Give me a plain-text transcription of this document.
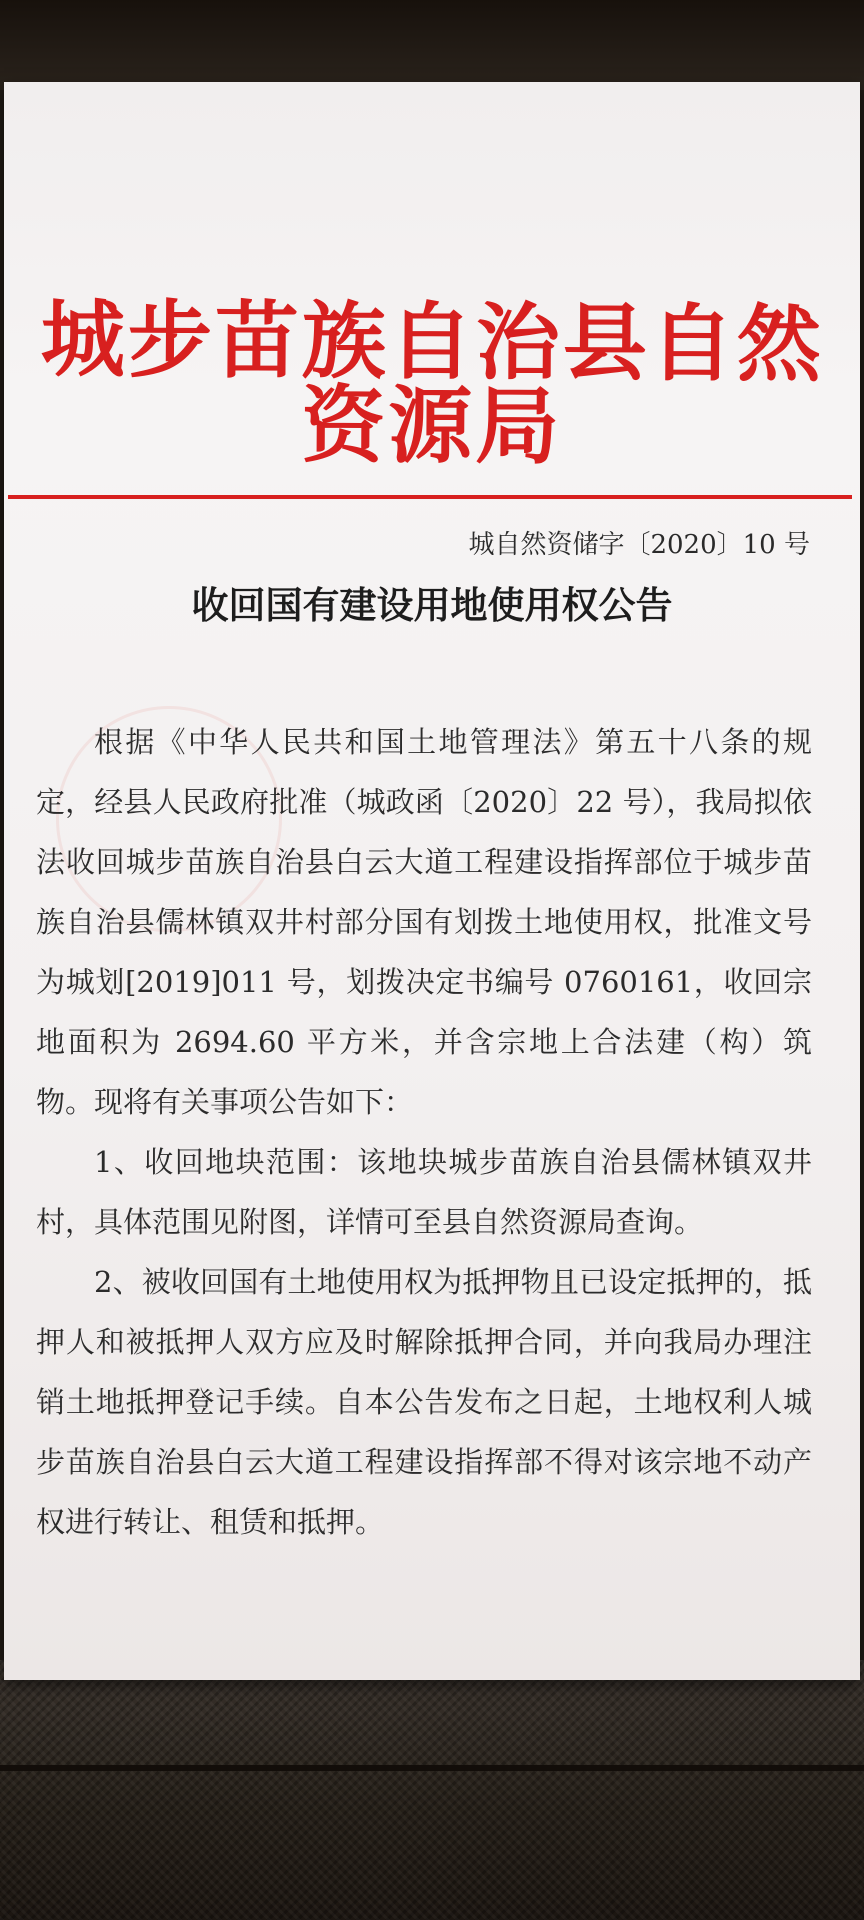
城步苗族自治县自然资源局
城自然资储字〔2020〕10 号
收回国有建设用地使用权公告

根据《中华人民共和国土地管理法》第五十八条的规定，经县人民政府批准（城政函〔2020〕22 号），我局拟依法收回城步苗族自治县白云大道工程建设指挥部位于城步苗族自治县儒林镇双井村部分国有划拨土地使用权，批准文号为城划[2019]011 号，划拨决定书编号 0760161，收回宗地面积为 2694.60 平方米，并含宗地上合法建（构）筑物。现将有关事项公告如下：

1、收回地块范围：该地块城步苗族自治县儒林镇双井村，具体范围见附图，详情可至县自然资源局查询。

2、被收回国有土地使用权为抵押物且已设定抵押的，抵押人和被抵押人双方应及时解除抵押合同，并向我局办理注销土地抵押登记手续。自本公告发布之日起，土地权利人城步苗族自治县白云大道工程建设指挥部不得对该宗地不动产权进行转让、租赁和抵押。
